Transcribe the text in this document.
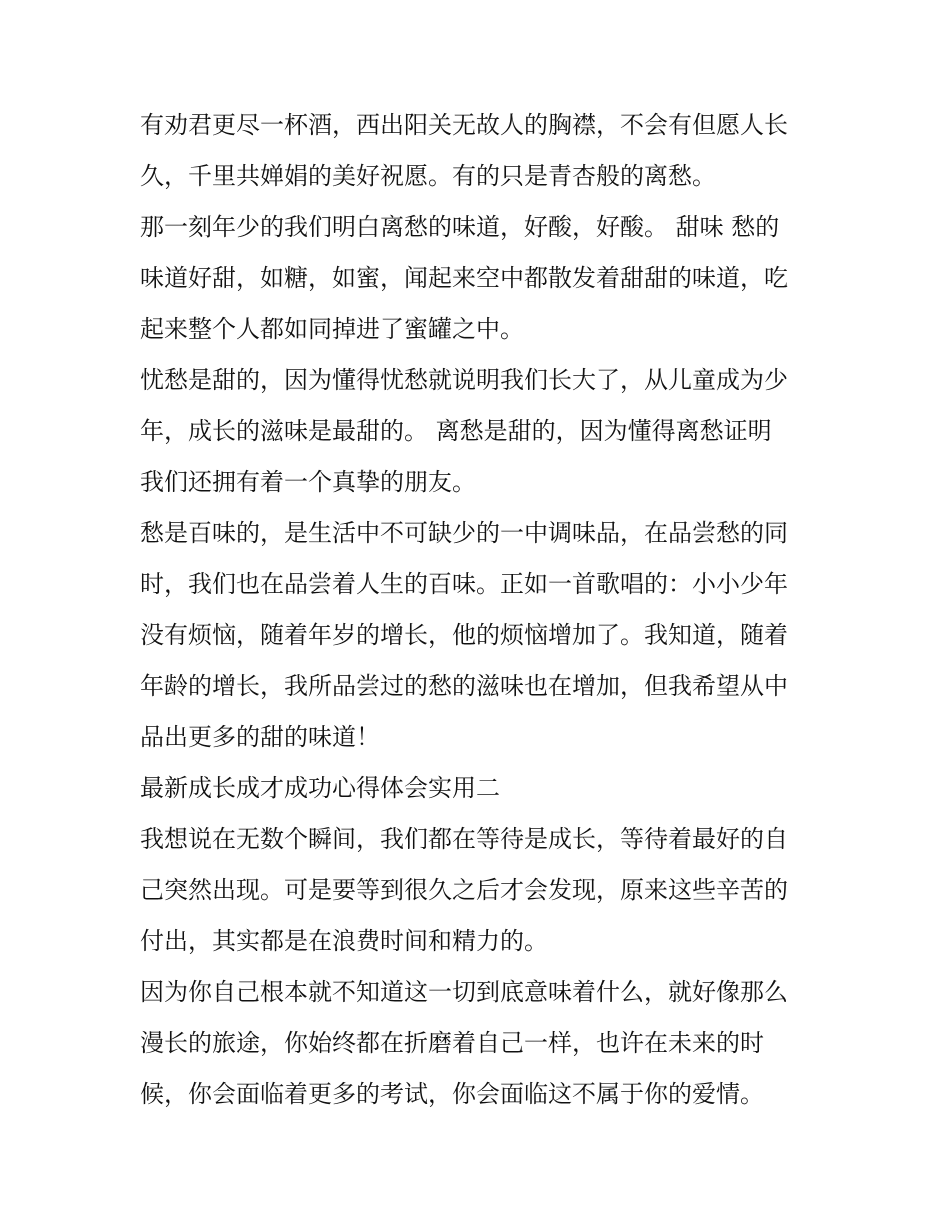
有劝君更尽一杯酒，西出阳关无故人的胸襟，不会有但愿人长
久，千里共婵娟的美好祝愿。有的只是青杏般的离愁。

那一刻年少的我们明白离愁的味道，好酸，好酸。 甜味 愁的
味道好甜，如糖，如蜜，闻起来空中都散发着甜甜的味道，吃
起来整个人都如同掉进了蜜罐之中。

忧愁是甜的，因为懂得忧愁就说明我们长大了，从儿童成为少
年，成长的滋味是最甜的。 离愁是甜的，因为懂得离愁证明
我们还拥有着一个真挚的朋友。

愁是百味的，是生活中不可缺少的一中调味品，在品尝愁的同
时，我们也在品尝着人生的百味。正如一首歌唱的：小小少年
没有烦恼，随着年岁的增长，他的烦恼增加了。我知道，随着
年龄的增长，我所品尝过的愁的滋味也在增加，但我希望从中
品出更多的甜的味道！

最新成长成才成功心得体会实用二

我想说在无数个瞬间，我们都在等待是成长，等待着最好的自
己突然出现。可是要等到很久之后才会发现，原来这些辛苦的
付出，其实都是在浪费时间和精力的。

因为你自己根本就不知道这一切到底意味着什么，就好像那么
漫长的旅途，你始终都在折磨着自己一样，也许在未来的时
候，你会面临着更多的考试，你会面临这不属于你的爱情。
